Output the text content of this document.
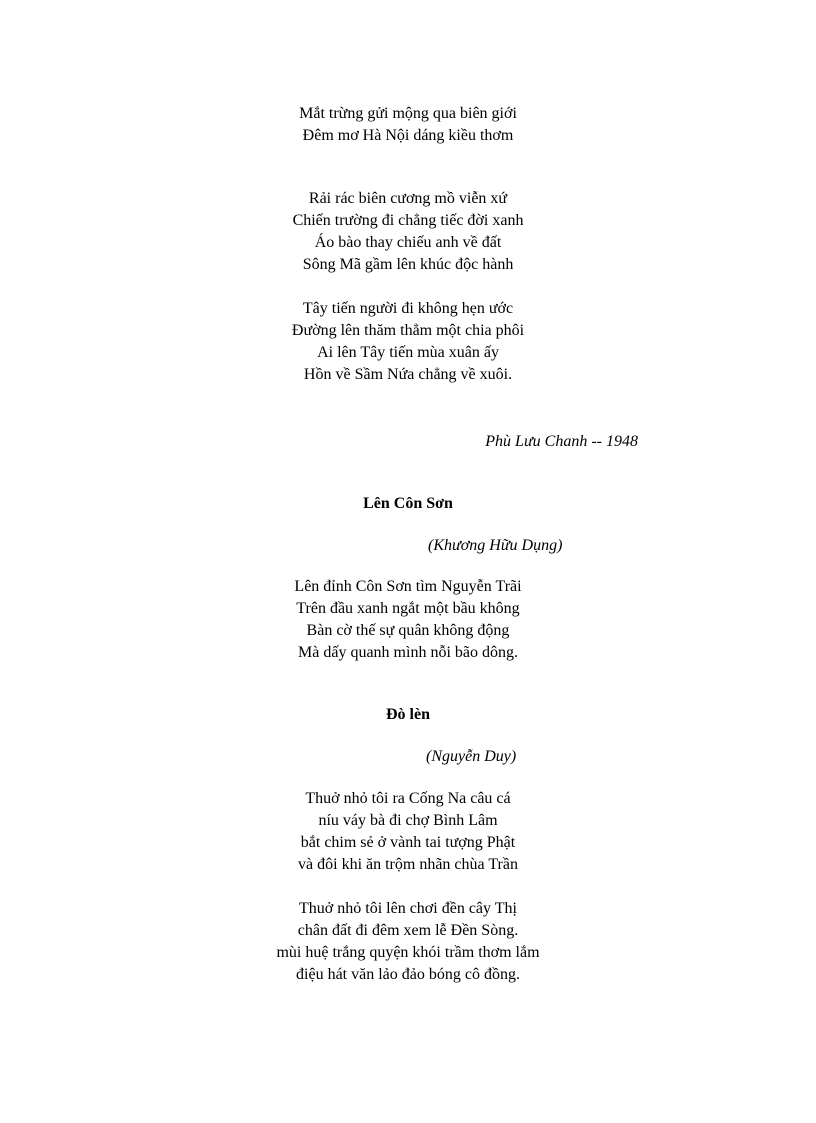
Mắt trừng gửi mộng qua biên giới
Đêm mơ Hà Nội dáng kiều thơm
Rải rác biên cương mồ viễn xứ
Chiến trường đi chẳng tiếc đời xanh
Áo bào thay chiếu anh về đất
Sông Mã gầm lên khúc độc hành
Tây tiến người đi không hẹn ước
Đường lên thăm thẳm một chia phôi
Ai lên Tây tiến mùa xuân ấy
Hồn về Sầm Nứa chẳng về xuôi.
Phù Lưu Chanh -- 1948
Lên Côn Sơn
(Khương Hữu Dụng)
Lên đỉnh Côn Sơn tìm Nguyễn Trãi
Trên đầu xanh ngắt một bầu không
Bàn cờ thế sự quân không động
Mà dấy quanh mình nỗi bão dông.
Đò lèn
(Nguyễn Duy)
Thuở nhỏ tôi ra Cống Na câu cá
níu váy bà đi chợ Bình Lâm
bắt chim sẻ ở vành tai tượng Phật
và đôi khi ăn trộm nhãn chùa Trần
Thuở nhỏ tôi lên chơi đền cây Thị
chân đất đi đêm xem lễ Đền Sòng.
mùi huệ trắng quyện khói trầm thơm lắm
điệu hát văn lảo đảo bóng cô đồng.
